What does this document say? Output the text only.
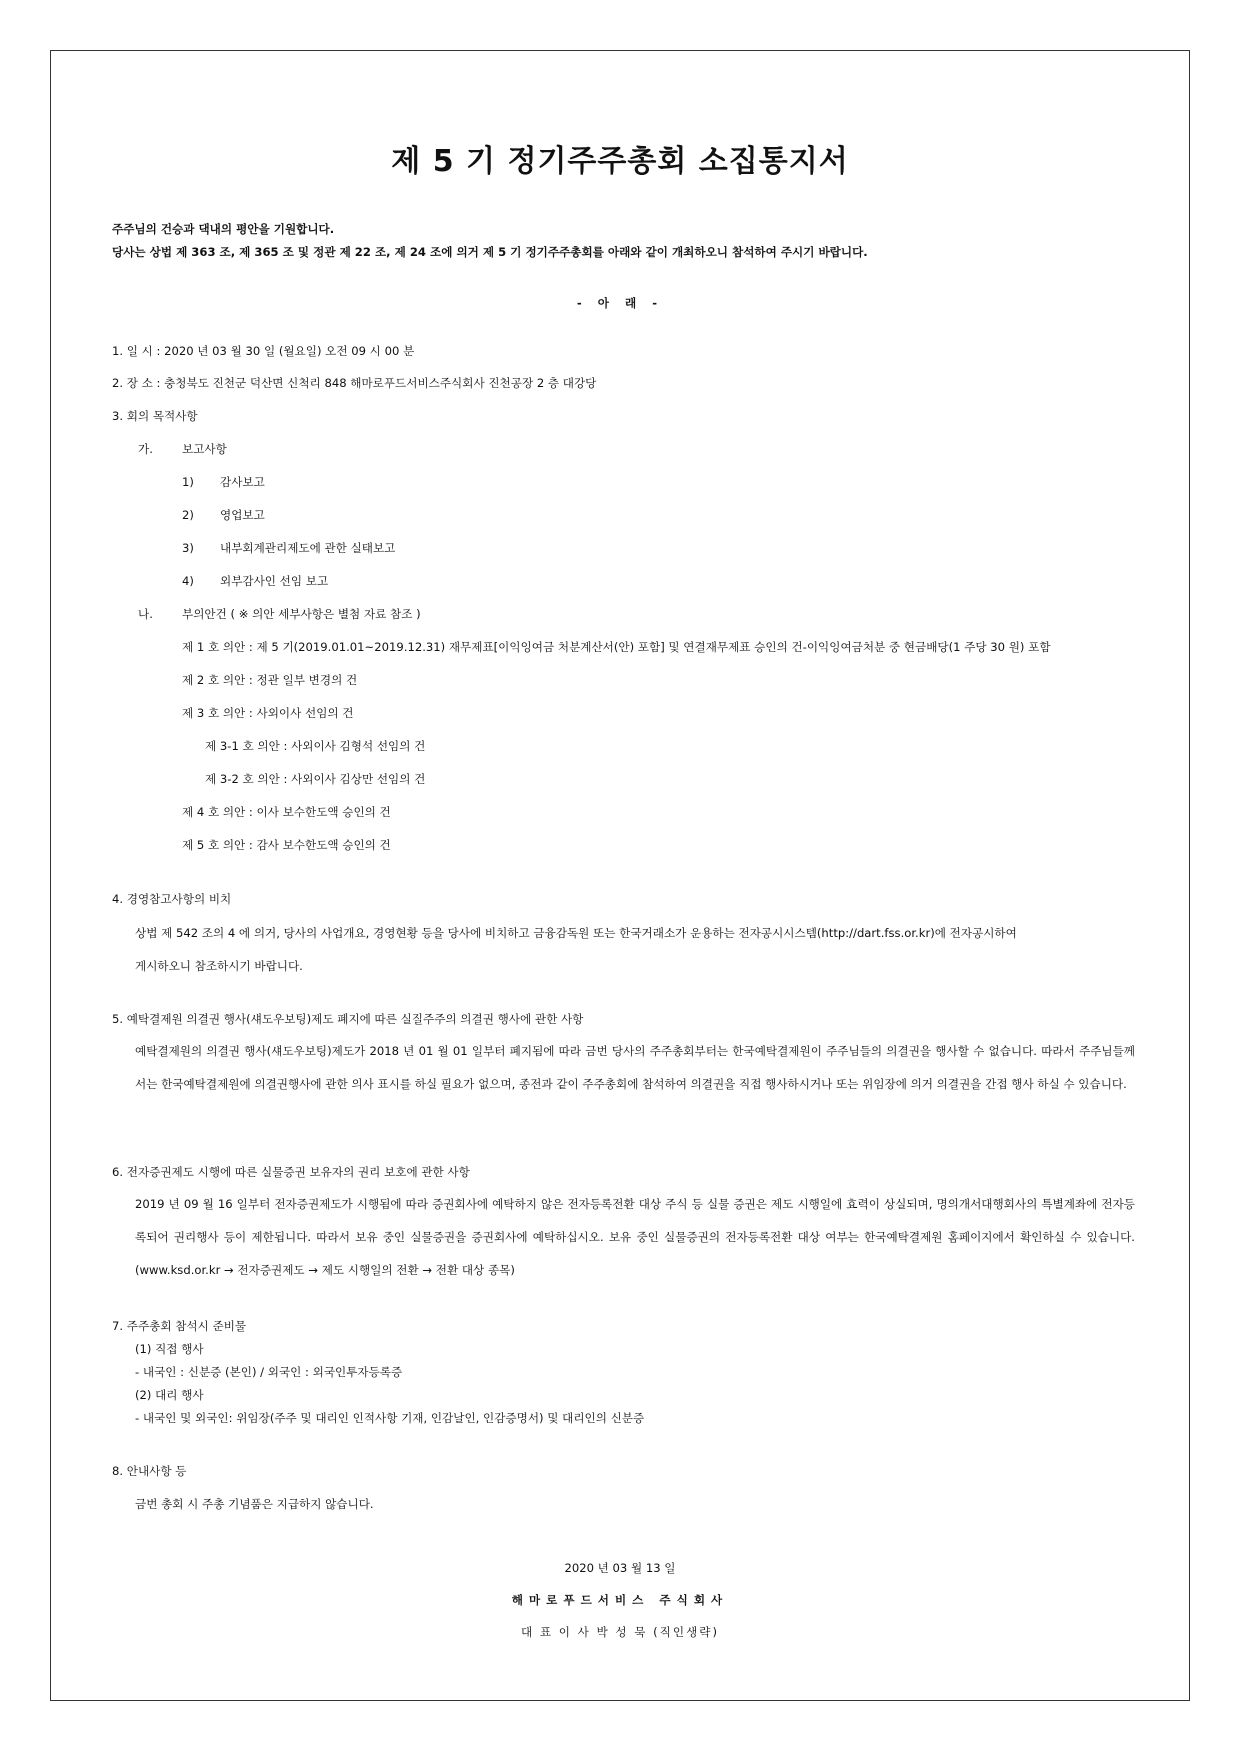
제 5 기 정기주주총회 소집통지서
주주님의 건승과 댁내의 평안을 기원합니다.
당사는 상법 제 363 조, 제 365 조 및 정관 제 22 조, 제 24 조에 의거 제 5 기 정기주주총회를 아래와 같이 개최하오니 참석하여 주시기 바랍니다.
- 아 래 -
1. 일 시 : 2020 년 03 월 30 일 (월요일) 오전 09 시 00 분
2. 장 소 : 충청북도 진천군 덕산면 신척리 848 해마로푸드서비스주식회사 진천공장 2 층 대강당
3. 회의 목적사항
가.	보고사항
1) 감사보고
2) 영업보고
3) 내부회계관리제도에 관한 실태보고
4) 외부감사인 선임 보고
나.	부의안건 ( ※ 의안 세부사항은 별첨 자료 참조 )
제 1 호 의안 : 제 5 기(2019.01.01~2019.12.31) 재무제표[이익잉여금 처분계산서(안) 포함] 및 연결재무제표 승인의 건-이익잉여금처분 중 현금배당(1 주당 30 원) 포함
제 2 호 의안 : 정관 일부 변경의 건
제 3 호 의안 : 사외이사 선임의 건
제 3-1 호 의안 : 사외이사 김형석 선임의 건
제 3-2 호 의안 : 사외이사 김상만 선임의 건
제 4 호 의안 : 이사 보수한도액 승인의 건
제 5 호 의안 : 감사 보수한도액 승인의 건
4. 경영참고사항의 비치
상법 제 542 조의 4 에 의거, 당사의 사업개요, 경영현황 등을 당사에 비치하고 금융감독원 또는 한국거래소가 운용하는 전자공시시스템(http://dart.fss.or.kr)에 전자공시하여
게시하오니 참조하시기 바랍니다.
5. 예탁결제원 의결권 행사(섀도우보팅)제도 폐지에 따른 실질주주의 의결권 행사에 관한 사항
예탁결제원의 의결권 행사(섀도우보팅)제도가 2018 년 01 월 01 일부터 폐지됨에 따라 금번 당사의 주주총회부터는 한국예탁결제원이 주주님들의 의결권을 행사할 수 없습니다. 따라서 주주님들께서는 한국예탁결제원에 의결권행사에 관한 의사 표시를 하실 필요가 없으며, 종전과 같이 주주총회에 참석하여 의결권을 직접 행사하시거나 또는 위임장에 의거 의결권을 간접 행사 하실 수 있습니다.
6. 전자증권제도 시행에 따른 실물증권 보유자의 권리 보호에 관한 사항
2019 년 09 월 16 일부터 전자증권제도가 시행됨에 따라 증권회사에 예탁하지 않은 전자등록전환 대상 주식 등 실물 증권은 제도 시행일에 효력이 상실되며, 명의개서대행회사의 특별계좌에 전자등록되어 권리행사 등이 제한됩니다. 따라서 보유 중인 실물증권을 증권회사에 예탁하십시오. 보유 중인 실물증권의 전자등록전환 대상 여부는 한국예탁결제원 홈페이지에서 확인하실 수 있습니다. (www.ksd.or.kr → 전자증권제도 → 제도 시행일의 전환 → 전환 대상 종목)
7. 주주총회 참석시 준비물
(1) 직접 행사
- 내국인 : 신분증 (본인) / 외국인 : 외국인투자등록증
(2) 대리 행사
- 내국인 및 외국인: 위임장(주주 및 대리인 인적사항 기재, 인감날인, 인감증명서) 및 대리인의 신분증
8. 안내사항 등
금번 총회 시 주총 기념품은 지급하지 않습니다.
2020 년 03 월 13 일
해마로푸드서비스 주식회사
대 표 이 사 박 성 묵 (직인생략)
